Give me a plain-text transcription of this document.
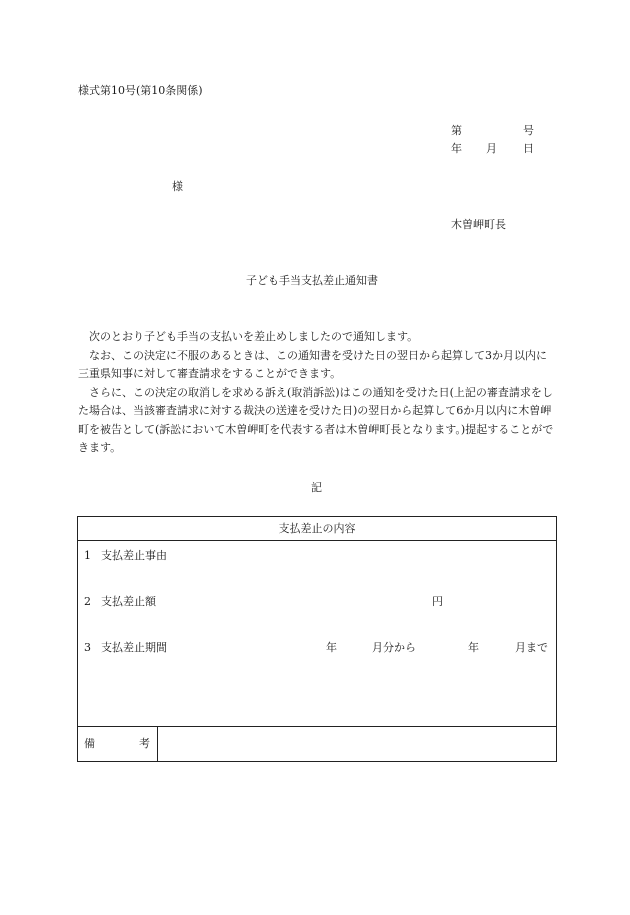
様式第10号(第10条関係)
第	号
年 月 日
様
木曽岬町長
子ども手当支払差止通知書

次のとおり子ども手当の支払いを差止めしましたので通知します。

なお、この決定に不服のあるときは、この通知書を受けた日の翌日から起算して3か月以内に三重県知事に対して審査請求をすることができます。

さらに、この決定の取消しを求める訴え(取消訴訟)はこの通知を受けた日(上記の審査請求をした場合は、当該審査請求に対する裁決の送達を受けた日)の翌日から起算して6か月以内に木曽岬町を被告として(訴訟において木曽岬町を代表する者は木曽岬町長となります。)提起することができます。

記
支払差止の内容
1 支払差止事由
2 支払差止額	円
3 支払差止期間	年	月分から	年	月まで
備　　　　考
